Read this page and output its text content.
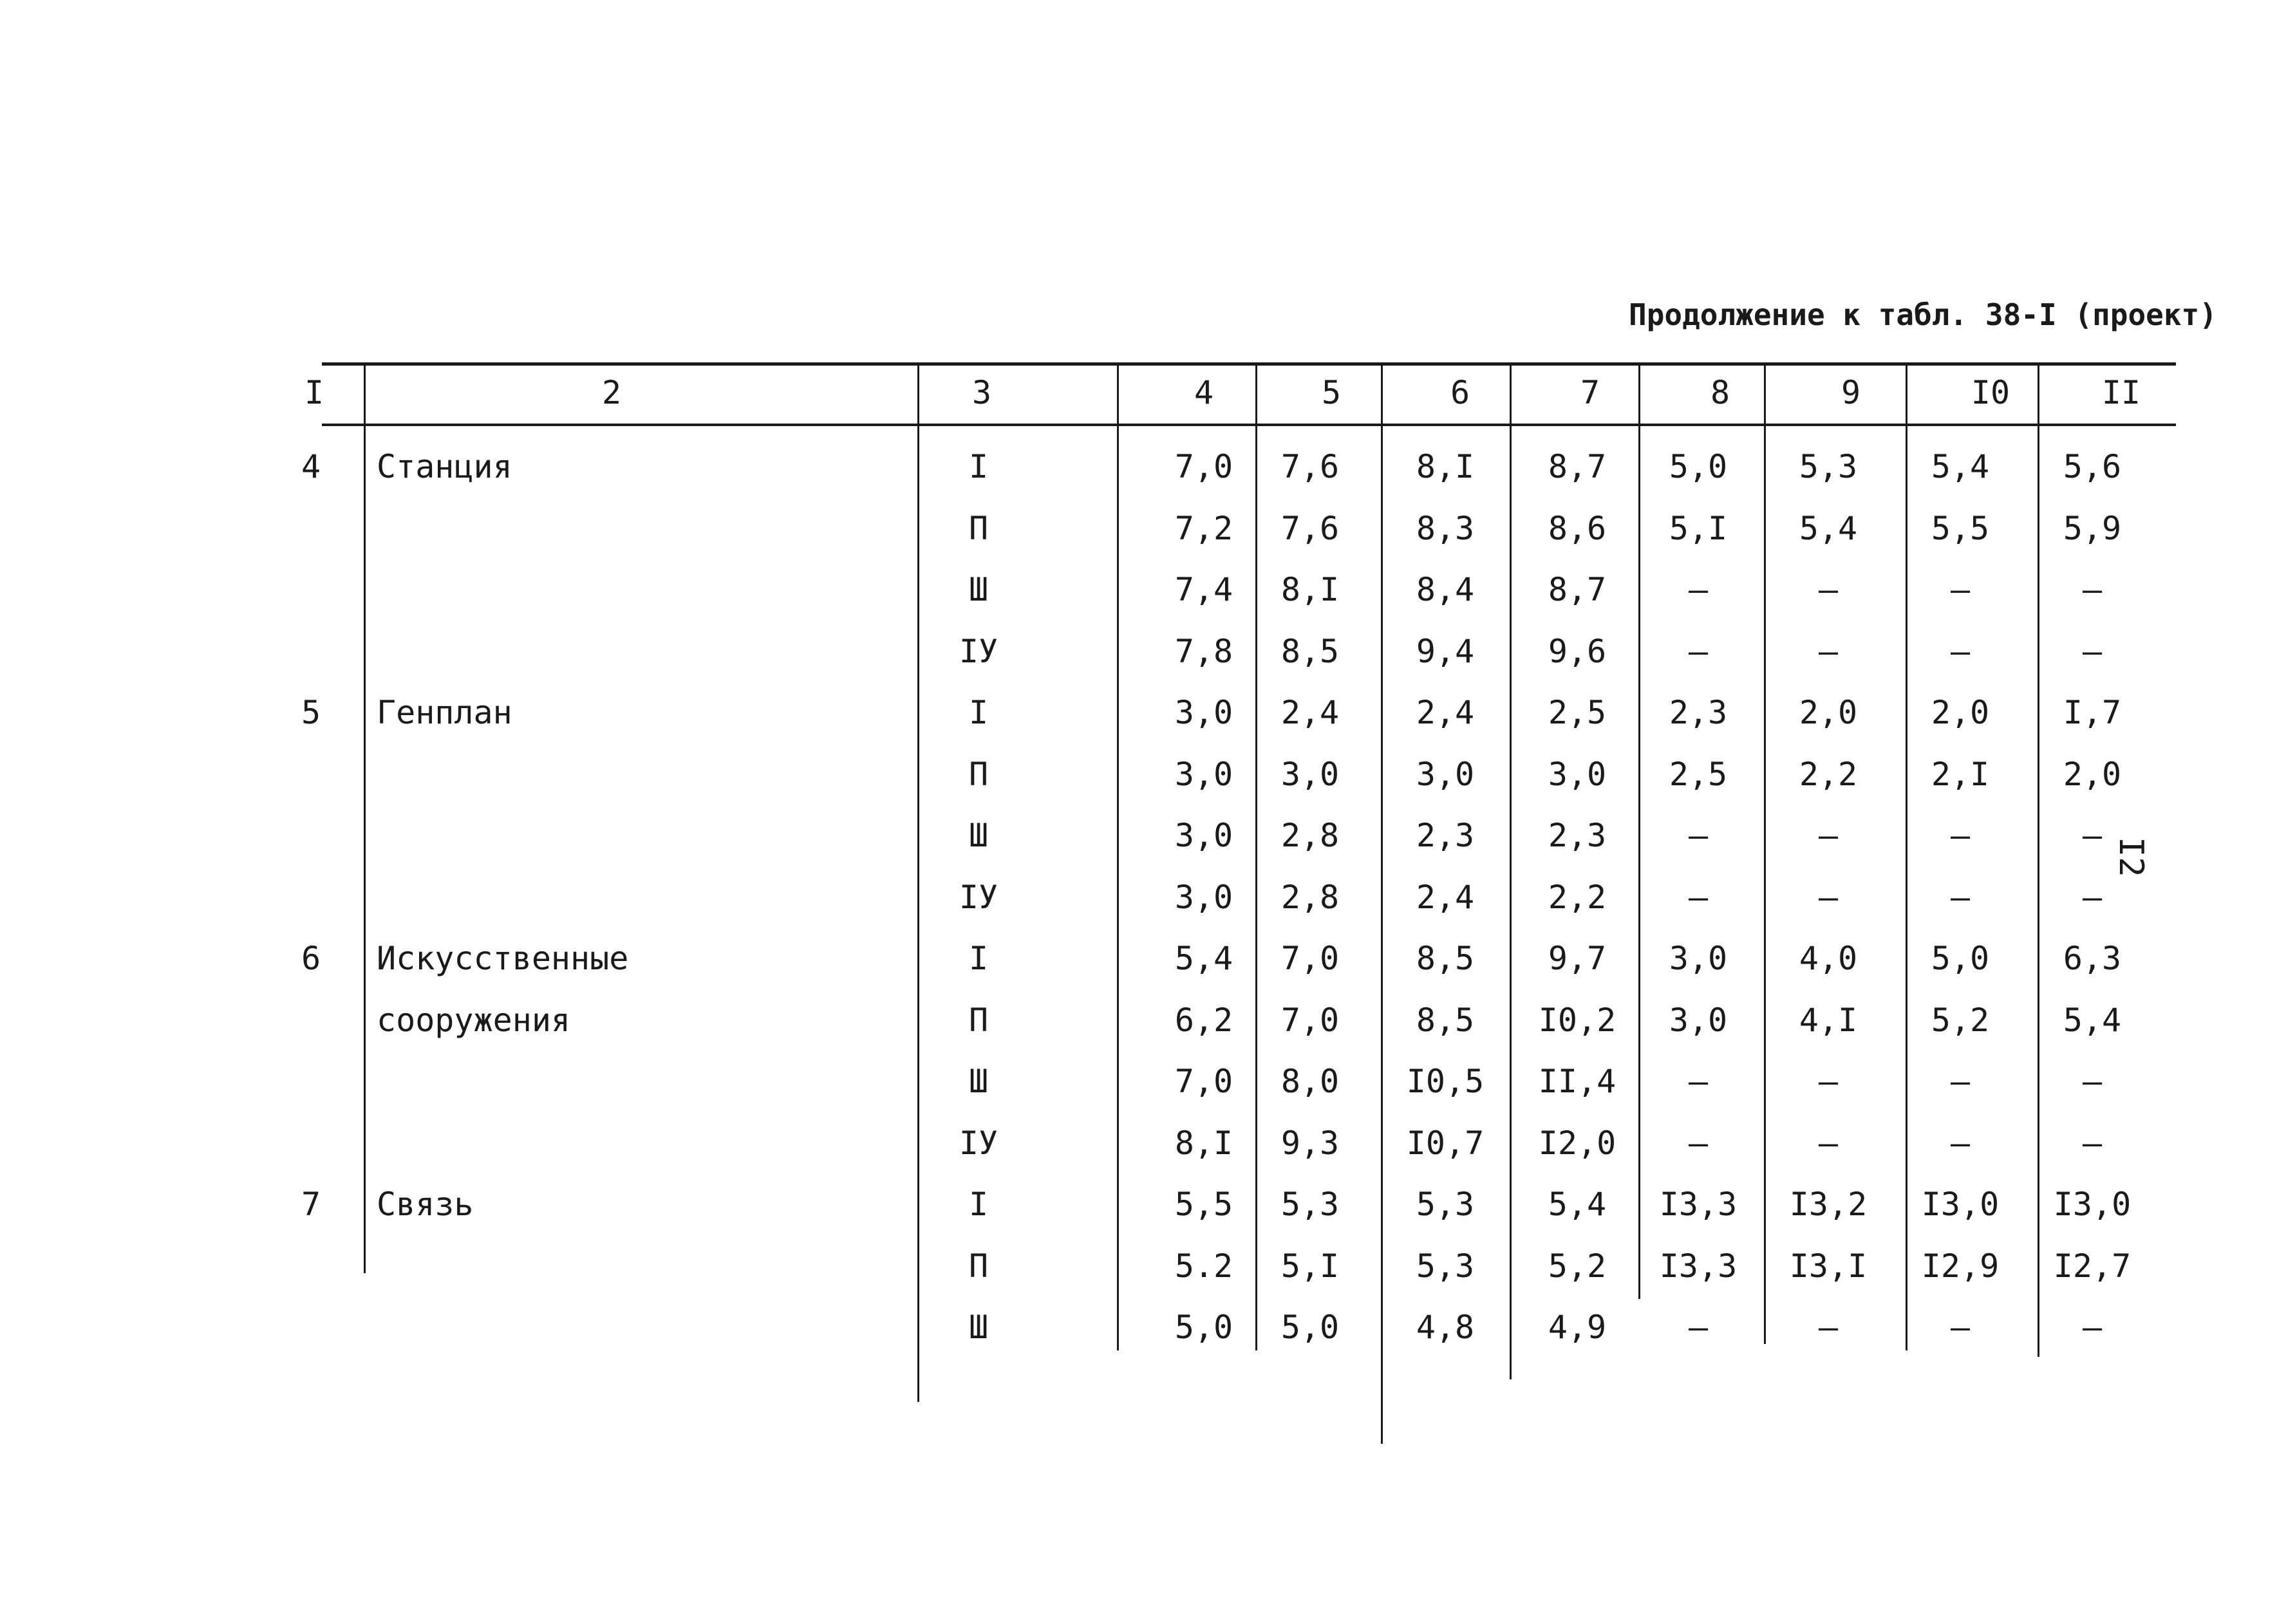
Продолжение к табл. 38-I (проект)
I	2	3	4	5	6	7	8	9	I0	II
4 Станция	I	7,0 7,6 8,I 8,7 5,0 5,3 5,4 5,6
П	7,2 7,6 8,3 8,6 5,I 5,4 5,5 5,9
Ш	7,4 8,I 8,4 8,7	–	–	–	–
IУ	7,8 8,5 9,4 9,6	–	–	–	–
5 Генплан	I	3,0 2,4 2,4 2,5 2,3 2,0 2,0 I,7
П	3,0 3,0 3,0 3,0 2,5 2,2 2,I 2,0
Ш	3,0 2,8 2,3 2,3	–	–	–	–
IУ	3,0 2,8 2,4 2,2	–	–	–	–
6 Искусственные
сооружения
I	5,4 7,0 8,5 9,7 3,0 4,0 5,0 6,3
П	6,2 7,0 8,5 I0,2 3,0 4,I 5,2 5,4
Ш	7,0 8,0 I0,5 II,4 –	–	–	–
IУ	8,I 9,3 I0,7 I2,0 –	–	–	–
7 Связь	I	5,5 5,3 5,3 5,4 I3,3 I3,2 I3,0 I3,0
П	5.2 5,I 5,3 5,2 I3,3 I3,I I2,9 I2,7
Ш	5,0 5,0 4,8 4,9	–	–	–	–
I2
